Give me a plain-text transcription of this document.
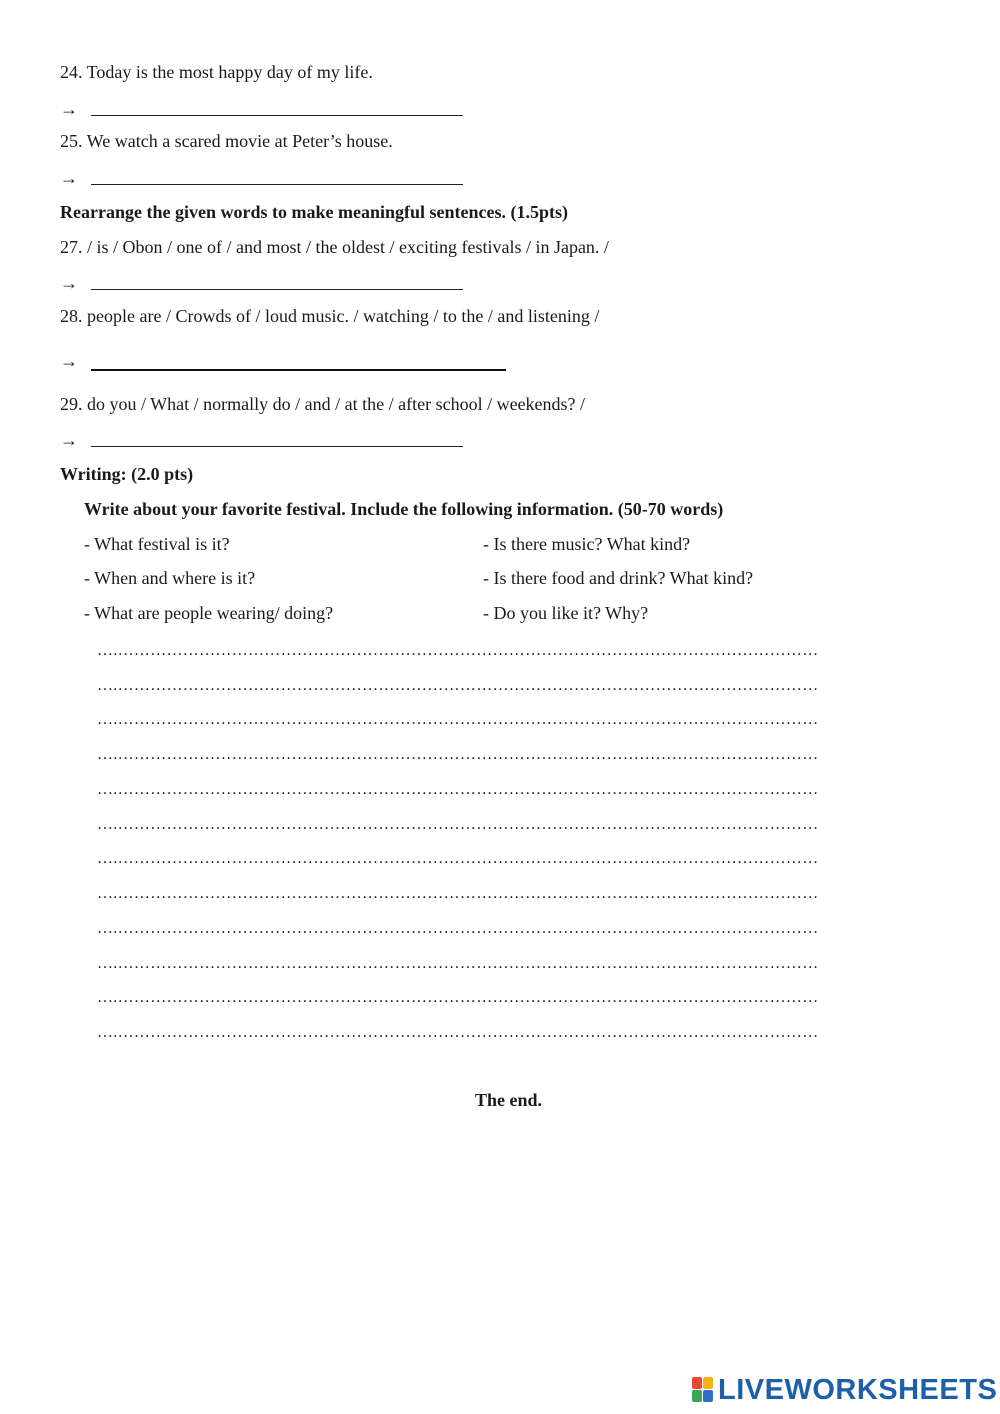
24. Today is the most happy day of my life.
→
25. We watch a scared movie at Peter’s house.
→
Rearrange the given words to make meaningful sentences. (1.5pts)
27. / is / Obon / one of / and most / the oldest / exciting festivals / in Japan. /
→
28. people are / Crowds of / loud music. / watching / to the / and listening /
→
29. do you / What / normally do / and / at the / after school / weekends? /
→
Writing: (2.0 pts)
Write about your favorite festival. Include the following information. (50-70 words)
- What festival is it?	- Is there music? What kind?
- When and where is it?	- Is there food and drink? What kind?
- What are people wearing/ doing?	- Do you like it? Why?
….…………………………………………………………………………………………………………………
….…………………………………………………………………………………………………………………
….…………………………………………………………………………………………………………………
….…………………………………………………………………………………………………………………
….…………………………………………………………………………………………………………………
….…………………………………………………………………………………………………………………
….…………………………………………………………………………………………………………………
….…………………………………………………………………………………………………………………
….…………………………………………………………………………………………………………………
….…………………………………………………………………………………………………………………
….…………………………………………………………………………………………………………………
….…………………………………………………………………………………………………………………
The end.
LIVEWORKSHEETS
